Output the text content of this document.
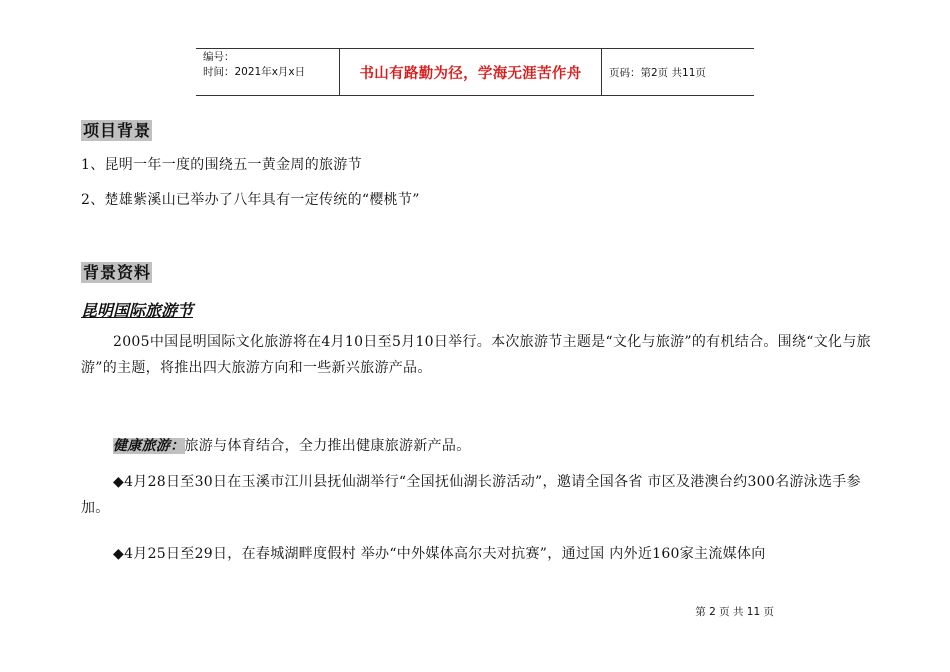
编号：
时间：2021年x月x日	书山有路勤为径，学海无涯苦作舟	页码：第2页 共11页
项目背景
1、昆明一年一度的围绕五一黄金周的旅游节
2、楚雄紫溪山已举办了八年具有一定传统的“樱桃节”
背景资料
昆明国际旅游节
2005中国昆明国际文化旅游将在4月10日至5月10日举行。本次旅游节主题是“文化与旅游”的有机结合。围绕“文化与旅游”的主题，将推出四大旅游方向和一些新兴旅游产品。
健康旅游：旅游与体育结合，全力推出健康旅游新产品。
◆4月28日至30日在玉溪市江川县抚仙湖举行“全国抚仙湖长游活动”，邀请全国各省 市区及港澳台约300名游泳选手参加。
◆4月25日至29日，在春城湖畔度假村 举办“中外媒体高尔夫对抗赛”，通过国 内外近160家主流媒体向
第 2 页 共 11 页
